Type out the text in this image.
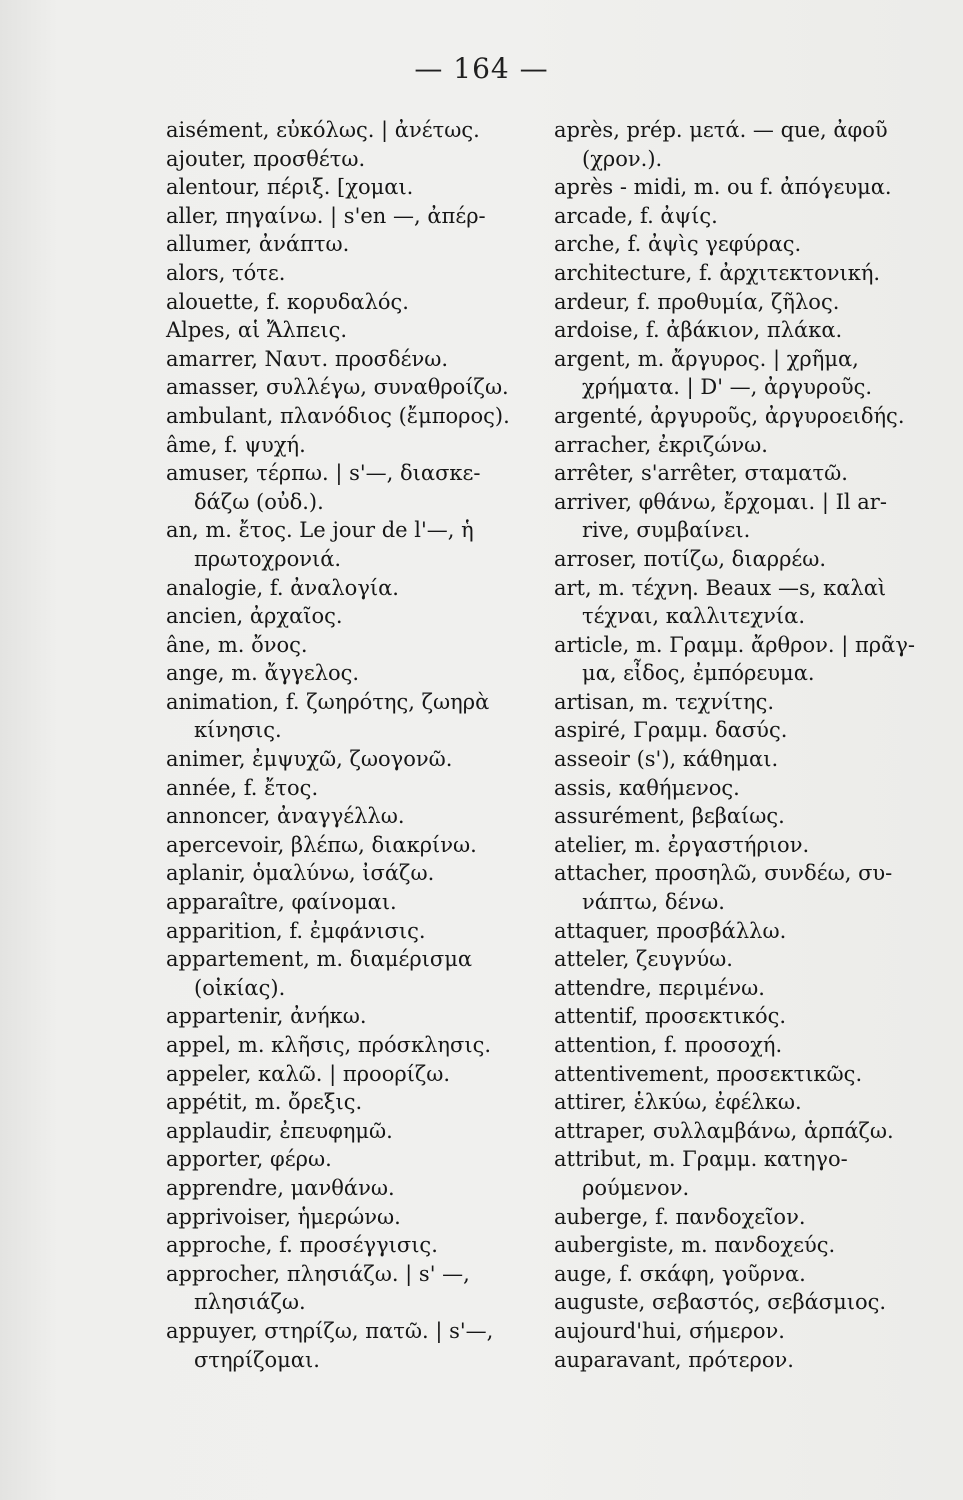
— 164 —
aisément, εὐκόλως. | ἀνέτως.
ajouter, προσθέτω.
alentour, πέριξ. [χομαι.
aller, πηγαίνω. | s'en —, ἀπέρ-
allumer, ἀνάπτω.
alors, τότε.
alouette, f. κορυδαλός.
Alpes, αἱ Ἄλπεις.
amarrer, Ναυτ. προσδένω.
amasser, συλλέγω, συναθροίζω.
ambulant, πλανόδιος (ἔμπορος).
âme, f. ψυχή.
amuser, τέρπω. | s'—, διασκε-
δάζω (οὐδ.).
an, m. ἔτος. Le jour de l'—, ἡ
πρωτοχρονιά.
analogie, f. ἀναλογία.
ancien, ἀρχαῖος.
âne, m. ὄνος.
ange, m. ἄγγελος.
animation, f. ζωηρότης, ζωηρὰ
κίνησις.
animer, ἐμψυχῶ, ζωογονῶ.
année, f. ἔτος.
annoncer, ἀναγγέλλω.
apercevoir, βλέπω, διακρίνω.
aplanir, ὁμαλύνω, ἰσάζω.
apparaître, φαίνομαι.
apparition, f. ἐμφάνισις.
appartement, m. διαμέρισμα
(οἰκίας).
appartenir, ἀνήκω.
appel, m. κλῆσις, πρόσκλησις.
appeler, καλῶ. | προορίζω.
appétit, m. ὄρεξις.
applaudir, ἐπευφημῶ.
apporter, φέρω.
apprendre, μανθάνω.
apprivoiser, ἡμερώνω.
approche, f. προσέγγισις.
approcher, πλησιάζω. | s' —,
πλησιάζω.
appuyer, στηρίζω, πατῶ. | s'—,
στηρίζομαι.
après, prép. μετά. — que, ἀφοῦ
(χρον.).
après - midi, m. ou f. ἀπόγευμα.
arcade, f. ἀψίς.
arche, f. ἀψὶς γεφύρας.
architecture, f. ἀρχιτεκτονική.
ardeur, f. προθυμία, ζῆλος.
ardoise, f. ἀβάκιον, πλάκα.
argent, m. ἄργυρος. | χρῆμα,
χρήματα. | D' —, ἀργυροῦς.
argenté, ἀργυροῦς, ἀργυροειδής.
arracher, ἐκριζώνω.
arrêter, s'arrêter, σταματῶ.
arriver, φθάνω, ἔρχομαι. | Il ar-
rive, συμβαίνει.
arroser, ποτίζω, διαρρέω.
art, m. τέχνη. Beaux —s, καλαὶ
τέχναι, καλλιτεχνία.
article, m. Γραμμ. ἄρθρον. | πρᾶγ-
μα, εἶδος, ἐμπόρευμα.
artisan, m. τεχνίτης.
aspiré, Γραμμ. δασύς.
asseoir (s'), κάθημαι.
assis, καθήμενος.
assurément, βεβαίως.
atelier, m. ἐργαστήριον.
attacher, προσηλῶ, συνδέω, συ-
νάπτω, δένω.
attaquer, προσβάλλω.
atteler, ζευγνύω.
attendre, περιμένω.
attentif, προσεκτικός.
attention, f. προσοχή.
attentivement, προσεκτικῶς.
attirer, ἑλκύω, ἐφέλκω.
attraper, συλλαμβάνω, ἁρπάζω.
attribut, m. Γραμμ. κατηγο-
ρούμενον.
auberge, f. πανδοχεῖον.
aubergiste, m. πανδοχεύς.
auge, f. σκάφη, γοῦρνα.
auguste, σεβαστός, σεβάσμιος.
aujourd'hui, σήμερον.
auparavant, πρότερον.
